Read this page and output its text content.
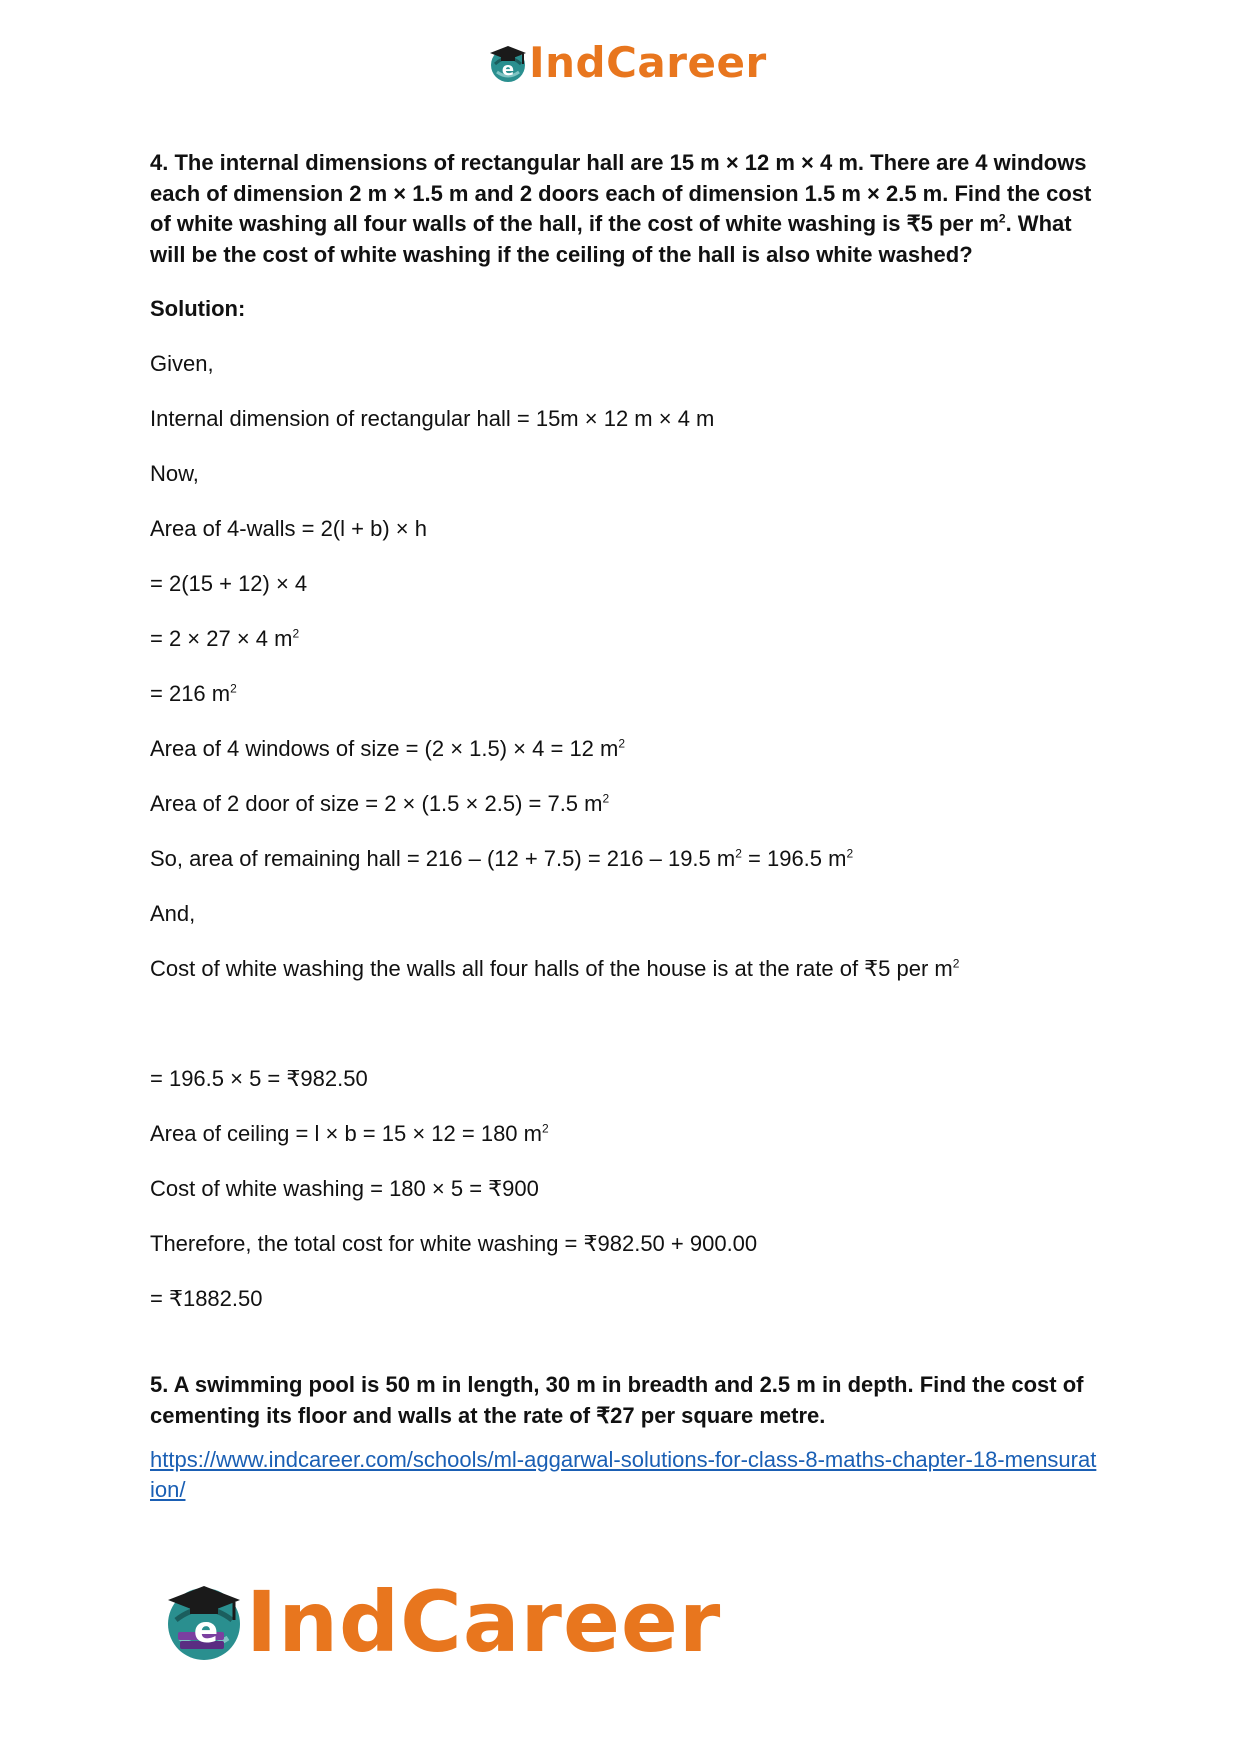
e IndCareer
4. The internal dimensions of rectangular hall are 15 m × 12 m × 4 m. There are 4 windows each of dimension 2 m × 1.5 m and 2 doors each of dimension 1.5 m × 2.5 m. Find the cost of white washing all four walls of the hall, if the cost of white washing is ₹5 per $m^2$. What will be the cost of white washing if the ceiling of the hall is also white washed?
Solution:
Given,
Internal dimension of rectangular hall = 15m × 12 m × 4 m
Now,
Area of 4-walls = 2(l + b) × h
= 2(15 + 12) × 4
= 2 × 27 × 4 $m^2$
= 216 $m^2$
Area of 4 windows of size = (2 × 1.5) × 4 = 12 $m^2$
Area of 2 door of size = 2 × (1.5 × 2.5) = 7.5 $m^2$
So, area of remaining hall = 216 – (12 + 7.5) = 216 – 19.5 $m^2 = 196.5$ $m^2$
And,
Cost of white washing the walls all four halls of the house is at the rate of ₹5 per $m^2$
= 196.5 × 5 = ₹982.50
Area of ceiling = l × b = 15 × 12 = 180 $m^2$
Cost of white washing = 180 × 5 = ₹900
Therefore, the total cost for white washing = ₹982.50 + 900.00
= ₹1882.50
5. A swimming pool is 50 m in length, 30 m in breadth and 2.5 m in depth. Find the cost of cementing its floor and walls at the rate of ₹27 per square metre.
https://www.indcareer.com/schools/ml-aggarwal-solutions-for-class-8-maths-chapter-18-mensuration/
e IndCareer
